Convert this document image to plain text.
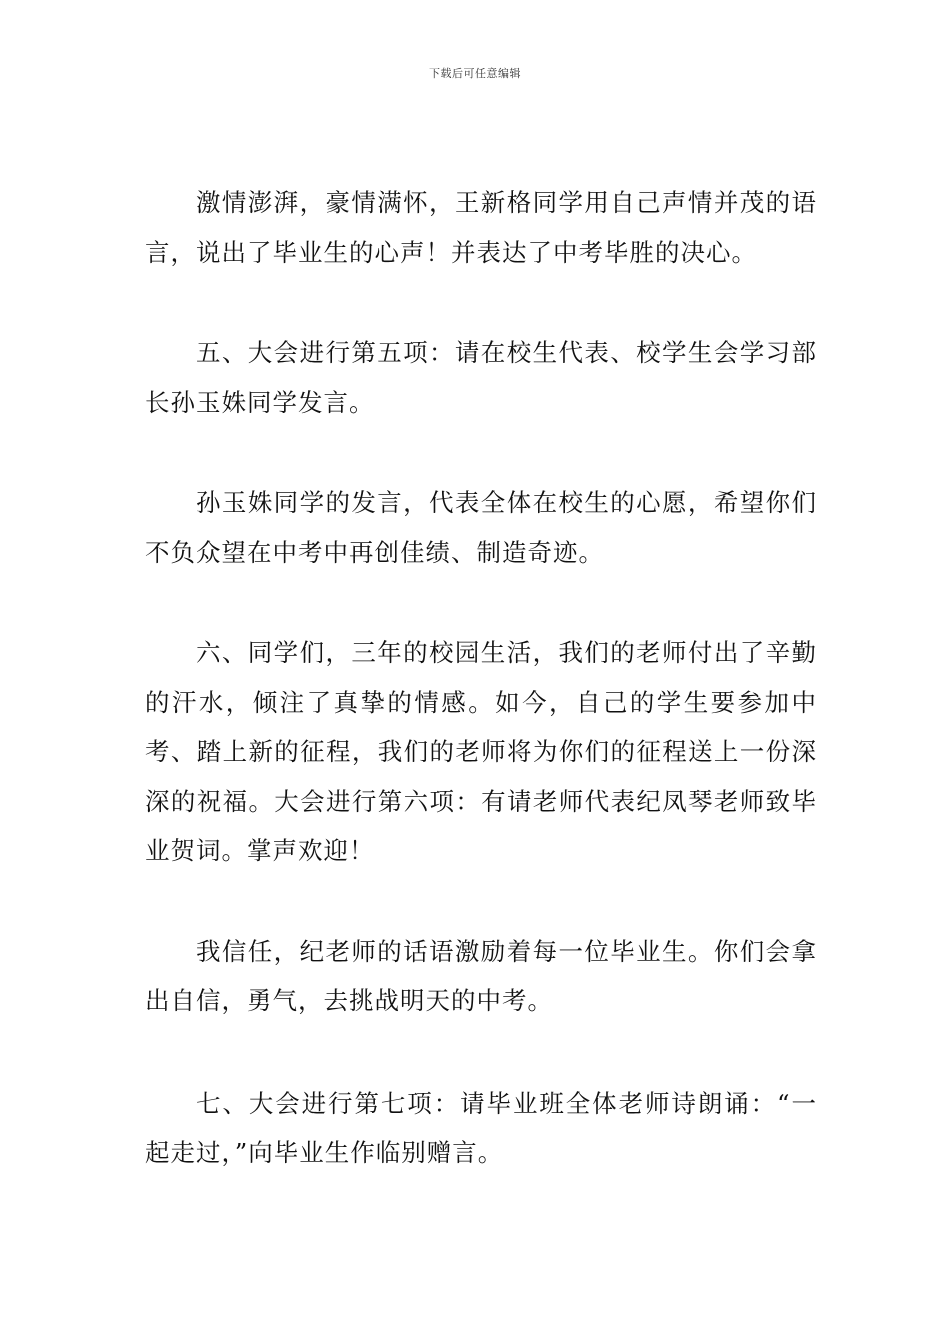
下载后可任意编辑

激情澎湃，豪情满怀，王新格同学用自己声情并茂的语言，说出了毕业生的心声！并表达了中考毕胜的决心。

五、大会进行第五项：请在校生代表、校学生会学习部长孙玉姝同学发言。

孙玉姝同学的发言，代表全体在校生的心愿，希望你们不负众望在中考中再创佳绩、制造奇迹。

六、同学们，三年的校园生活，我们的老师付出了辛勤的汗水，倾注了真挚的情感。如今，自己的学生要参加中考、踏上新的征程，我们的老师将为你们的征程送上一份深深的祝福。大会进行第六项：有请老师代表纪凤琴老师致毕业贺词。掌声欢迎！

我信任，纪老师的话语激励着每一位毕业生。你们会拿出自信，勇气，去挑战明天的中考。

七、大会进行第七项：请毕业班全体老师诗朗诵：“一起走过，”向毕业生作临别赠言。
